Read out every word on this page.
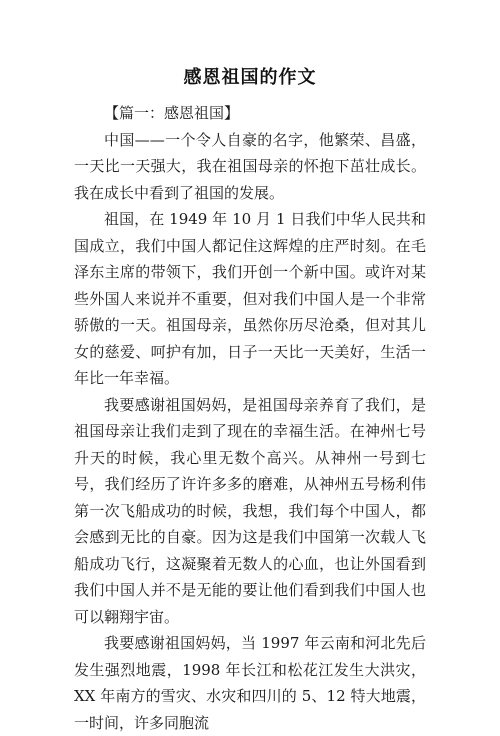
感恩祖国的作文

【篇一：感恩祖国】

中国——一个令人自豪的名字，他繁荣、昌盛，一天比一天强大，我在祖国母亲的怀抱下茁壮成长。我在成长中看到了祖国的发展。

祖国，在 1949 年 10 月 1 日我们中华人民共和国成立，我们中国人都记住这辉煌的庄严时刻。在毛泽东主席的带领下，我们开创一个新中国。或许对某些外国人来说并不重要，但对我们中国人是一个非常骄傲的一天。祖国母亲，虽然你历尽沧桑，但对其儿女的慈爱、呵护有加，日子一天比一天美好，生活一年比一年幸福。

我要感谢祖国妈妈，是祖国母亲养育了我们，是祖国母亲让我们走到了现在的幸福生活。在神州七号升天的时候，我心里无数个高兴。从神州一号到七号，我们经历了许许多多的磨难，从神州五号杨利伟第一次飞船成功的时候，我想，我们每个中国人，都会感到无比的自豪。因为这是我们中国第一次载人飞船成功飞行，这凝聚着无数人的心血，也让外国看到我们中国人并不是无能的要让他们看到我们中国人也可以翱翔宇宙。

我要感谢祖国妈妈，当 1997 年云南和河北先后发生强烈地震，1998 年长江和松花江发生大洪灾，XX 年南方的雪灾、水灾和四川的 5、12 特大地震，一时间，许多同胞流
